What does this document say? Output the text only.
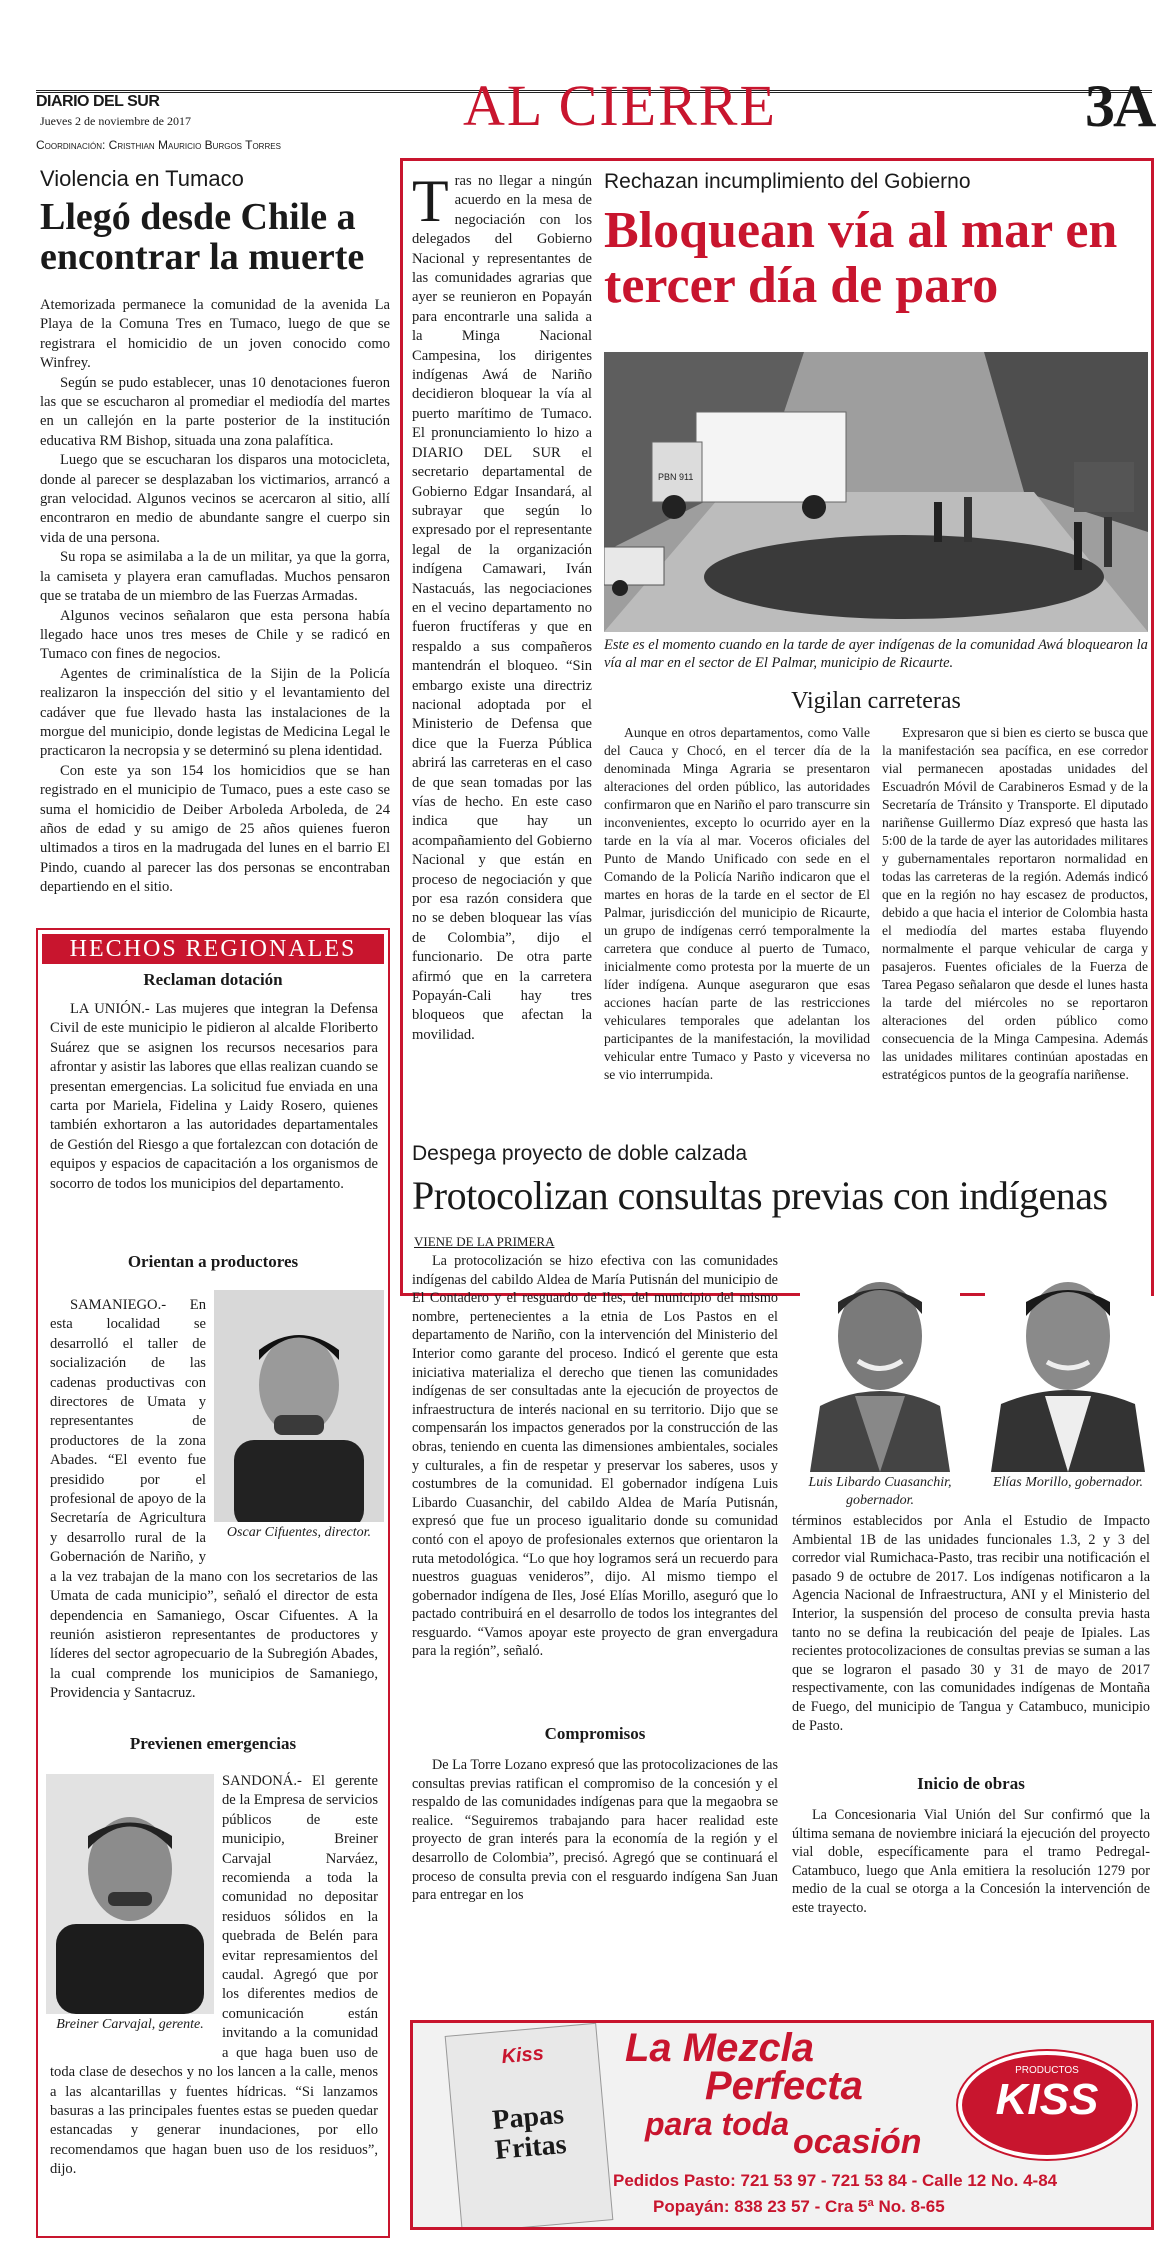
DIARIO DEL SUR
Jueves 2 de noviembre de 2017
Coordinación: Cristhian Mauricio Burgos Torres
AL CIERRE	3A
Violencia en Tumaco
Llegó desde Chile a encontrar la muerte

Atemorizada permanece la comunidad de la avenida La Playa de la Comuna Tres en Tumaco, luego de que se registrara el homicidio de un joven conocido como Winfrey.

Según se pudo establecer, unas 10 denotaciones fueron las que se escucharon al promediar el mediodía del martes en un callejón en la parte posterior de la institución educativa RM Bishop, situada una zona palafítica.

Luego que se escucharan los disparos una motocicleta, donde al parecer se desplazaban los victimarios, arrancó a gran velocidad. Algunos vecinos se acercaron al sitio, allí encontraron en medio de abundante sangre el cuerpo sin vida de una persona.

Su ropa se asimilaba a la de un militar, ya que la gorra, la camiseta y playera eran camufladas. Muchos pensaron que se trataba de un miembro de las Fuerzas Armadas.

Algunos vecinos señalaron que esta persona había llegado hace unos tres meses de Chile y se radicó en Tumaco con fines de negocios.

Agentes de criminalística de la Sijin de la Policía realizaron la inspección del sitio y el levantamiento del cadáver que fue llevado hasta las instalaciones de la morgue del municipio, donde legistas de Medicina Legal le practicaron la necropsia y se determinó su plena identidad.

Con este ya son 154 los homicidios que se han registrado en el municipio de Tumaco, pues a este caso se suma el homicidio de Deiber Arboleda Arboleda, de 24 años de edad y su amigo de 25 años quienes fueron ultimados a tiros en la madrugada del lunes en el barrio El Pindo, cuando al parecer las dos personas se encontraban departiendo en el sitio.

HECHOS REGIONALES
Reclaman dotación

LA UNIÓN.- Las mujeres que integran la Defensa Civil de este municipio le pidieron al alcalde Floriberto Suárez que se asignen los recursos necesarios para afrontar y asistir las labores que ellas realizan cuando se presentan emergencias. La solicitud fue enviada en una carta por Mariela, Fidelina y Laidy Rosero, quienes también exhortaron a las autoridades departamentales de Gestión del Riesgo a que fortalezcan con dotación de equipos y espacios de capacitación a los organismos de socorro de todos los municipios del departamento.

Orientan a productores
Oscar Cifuentes, director.

SAMANIEGO.- En esta localidad se desarrolló el taller de socialización de las cadenas productivas con directores de Umata y representantes de productores de la zona Abades. “El evento fue presidido por el profesional de apoyo de la Secretaría de Agricultura y desarrollo rural de la Gobernación de Nariño, y a la vez trabajan de la mano con los secretarios de las Umata de cada municipio”, señaló el director de esta dependencia en Samaniego, Oscar Cifuentes. A la reunión asistieron representantes de productores y líderes del sector agropecuario de la Subregión Abades, la cual comprende los municipios de Samaniego, Providencia y Santacruz.

Previenen emergencias
Breiner Carvajal, gerente.

SANDONÁ.- El gerente de la Empresa de servicios públicos de este municipio, Breiner Carvajal Narváez, recomienda a toda la comunidad no depositar residuos sólidos en la quebrada de Belén para evitar represamientos del caudal. Agregó que por los diferentes medios de comunicación están invitando a la comunidad a que haga buen uso de toda clase de desechos y no los lancen a la calle, menos a las alcantarillas y fuentes hídricas. “Si lanzamos basuras a las principales fuentes estas se pueden quedar estancadas y generar inundaciones, por ello recomendamos que hagan buen uso de los residuos”, dijo.

Tras no llegar a ningún acuerdo en la mesa de negociación con los delegados del Gobierno Nacional y representantes de las comunidades agrarias que ayer se reunieron en Popayán para encontrarle una salida a la Minga Nacional Campesina, los dirigentes indígenas Awá de Nariño decidieron bloquear la vía al puerto marítimo de Tumaco. El pronunciamiento lo hizo a DIARIO DEL SUR el secretario departamental de Gobierno Edgar Insandará, al subrayar que según lo expresado por el representante legal de la organización indígena Camawari, Iván Nastacuás, las negociaciones en el vecino departamento no fueron fructíferas y que en respaldo a sus compañeros mantendrán el bloqueo. “Sin embargo existe una directriz nacional adoptada por el Ministerio de Defensa que dice que la Fuerza Pública abrirá las carreteras en el caso de que sean tomadas por las vías de hecho. En este caso indica que hay un acompañamiento del Gobierno Nacional y que están en proceso de negociación y que por esa razón considera que no se deben bloquear las vías de Colombia”, dijo el funcionario. De otra parte afirmó que en la carretera Popayán-Cali hay tres bloqueos que afectan la movilidad.

Rechazan incumplimiento del Gobierno
Bloquean vía al mar en tercer día de paro
PBN 911
Este es el momento cuando en la tarde de ayer indígenas de la comunidad Awá bloquearon la vía al mar en el sector de El Palmar, municipio de Ricaurte.
Vigilan carreteras

Aunque en otros departamentos, como Valle del Cauca y Chocó, en el tercer día de la denominada Minga Agraria se presentaron alteraciones del orden público, las autoridades confirmaron que en Nariño el paro transcurre sin inconvenientes, excepto lo ocurrido ayer en la tarde en la vía al mar. Voceros oficiales del Punto de Mando Unificado con sede en el Comando de la Policía Nariño indicaron que el martes en horas de la tarde en el sector de El Palmar, jurisdicción del municipio de Ricaurte, un grupo de indígenas cerró temporalmente la carretera que conduce al puerto de Tumaco, inicialmente como protesta por la muerte de un líder indígena. Aunque aseguraron que esas acciones hacían parte de las restricciones vehiculares temporales que adelantan los participantes de la manifestación, la movilidad vehicular entre Tumaco y Pasto y viceversa no se vio interrumpida.

Expresaron que si bien es cierto se busca que la manifestación sea pacífica, en ese corredor vial permanecen apostadas unidades del Escuadrón Móvil de Carabineros Esmad y de la Secretaría de Tránsito y Transporte. El diputado nariñense Guillermo Díaz expresó que hasta las 5:00 de la tarde de ayer las autoridades militares y gubernamentales reportaron normalidad en todas las carreteras de la región. Además indicó que en la región no hay escasez de productos, debido a que hacia el interior de Colombia hasta el mediodía del martes estaba fluyendo normalmente el parque vehicular de carga y pasajeros. Fuentes oficiales de la Fuerza de Tarea Pegaso señalaron que desde el lunes hasta la tarde del miércoles no se reportaron alteraciones del orden público como consecuencia de la Minga Campesina. Además las unidades militares continúan apostadas en estratégicos puntos de la geografía nariñense.

Despega proyecto de doble calzada
Protocolizan consultas previas con indígenas
VIENE DE LA PRIMERA

La protocolización se hizo efectiva con las comunidades indígenas del cabildo Aldea de María Putisnán del municipio de El Contadero y el resguardo de Iles, del municipio del mismo nombre, pertenecientes a la etnia de Los Pastos en el departamento de Nariño, con la intervención del Ministerio del Interior como garante del proceso. Indicó el gerente que esta iniciativa materializa el derecho que tienen las comunidades indígenas de ser consultadas ante la ejecución de proyectos de infraestructura de interés nacional en su territorio. Dijo que se compensarán los impactos generados por la construcción de las obras, teniendo en cuenta las dimensiones ambientales, sociales y culturales, a fin de respetar y preservar los saberes, usos y costumbres de la comunidad. El gobernador indígena Luis Libardo Cuasanchir, del cabildo Aldea de María Putisnán, expresó que fue un proceso igualitario donde su comunidad contó con el apoyo de profesionales externos que orientaron la ruta metodológica. “Lo que hoy logramos será un recuerdo para nuestros guaguas venideros”, dijo. Al mismo tiempo el gobernador indígena de Iles, José Elías Morillo, aseguró que lo pactado contribuirá en el desarrollo de todos los integrantes del resguardo. “Vamos apoyar este proyecto de gran envergadura para la región”, señaló.

Compromisos

De La Torre Lozano expresó que las protocolizaciones de las consultas previas ratifican el compromiso de la concesión y el respaldo de las comunidades indígenas para que la megaobra se realice. “Seguiremos trabajando para hacer realidad este proyecto de gran interés para la economía de la región y el desarrollo de Colombia”, precisó. Agregó que se continuará el proceso de consulta previa con el resguardo indígena San Juan para entregar en los

Luis Libardo Cuasanchir, gobernador.
Elías Morillo, gobernador.

términos establecidos por Anla el Estudio de Impacto Ambiental 1B de las unidades funcionales 1.3, 2 y 3 del corredor vial Rumichaca-Pasto, tras recibir una notificación el pasado 9 de octubre de 2017. Los indígenas notificaron a la Agencia Nacional de Infraestructura, ANI y el Ministerio del Interior, la suspensión del proceso de consulta previa hasta tanto no se defina la reubicación del peaje de Ipiales. Las recientes protocolizaciones de consultas previas se suman a las que se lograron el pasado 30 y 31 de mayo de 2017 respectivamente, con las comunidades indígenas de Montaña de Fuego, del municipio de Tangua y Catambuco, municipio de Pasto.

Inicio de obras

La Concesionaria Vial Unión del Sur confirmó que la última semana de noviembre iniciará la ejecución del proyecto vial doble, específicamente para el tramo Pedregal-Catambuco, luego que Anla emitiera la resolución 1279 por medio de la cual se otorga a la Concesión la intervención de este trayecto.

Kiss
Papas Fritas
La Mezcla
Perfecta
para toda ocasión
PRODUCTOS
KISS
Pedidos Pasto: 721 53 97 - 721 53 84 - Calle 12 No. 4-84
Popayán: 838 23 57 - Cra 5ª No. 8-65
